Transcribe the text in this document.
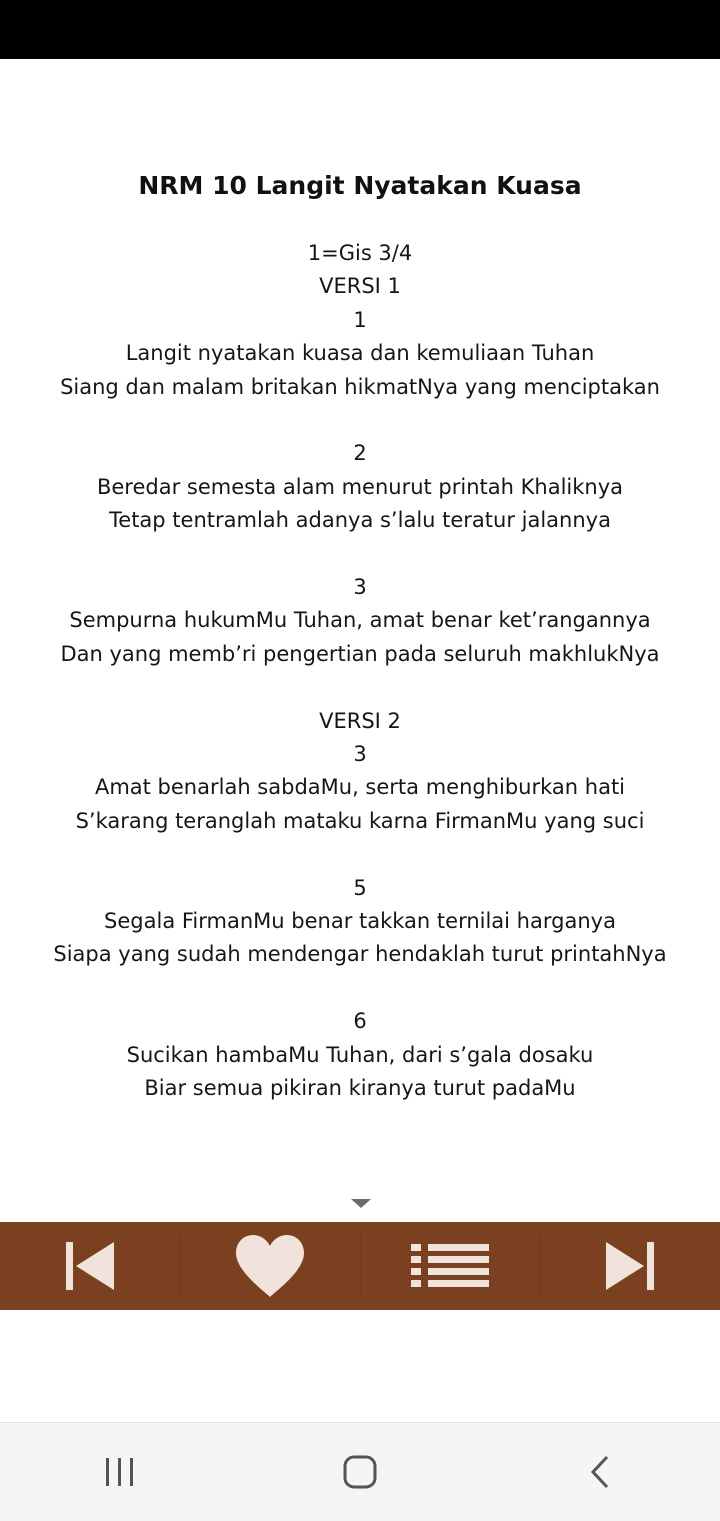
NRM 10 Langit Nyatakan Kuasa
1=Gis 3/4
VERSI 1
1
Langit nyatakan kuasa dan kemuliaan Tuhan
Siang dan malam britakan hikmatNya yang menciptakan
2
Beredar semesta alam menurut printah Khaliknya
Tetap tentramlah adanya s’lalu teratur jalannya
3
Sempurna hukumMu Tuhan, amat benar ket’rangannya
Dan yang memb’ri pengertian pada seluruh makhlukNya
VERSI 2
3
Amat benarlah sabdaMu, serta menghiburkan hati
S’karang teranglah mataku karna FirmanMu yang suci
5
Segala FirmanMu benar takkan ternilai harganya
Siapa yang sudah mendengar hendaklah turut printahNya
6
Sucikan hambaMu Tuhan, dari s’gala dosaku
Biar semua pikiran kiranya turut padaMu
